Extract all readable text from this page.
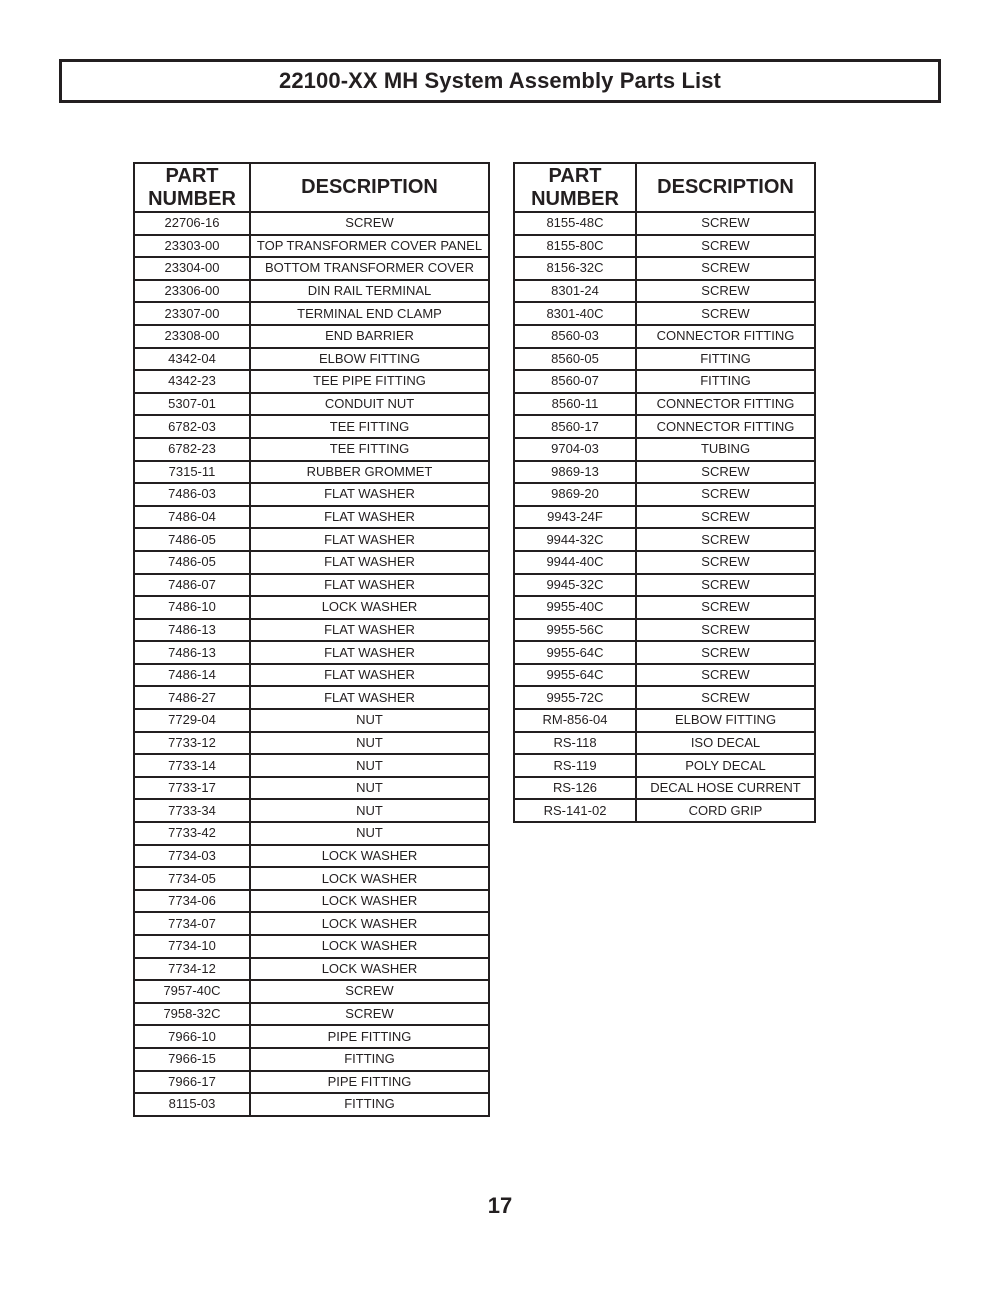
22100-XX MH System Assembly Parts List
PART
NUMBER	DESCRIPTION
22706-16	SCREW
23303-00	TOP TRANSFORMER COVER PANEL
23304-00	BOTTOM TRANSFORMER COVER
23306-00	DIN RAIL TERMINAL
23307-00	TERMINAL END CLAMP
23308-00	END BARRIER
4342-04	ELBOW FITTING
4342-23	TEE PIPE FITTING
5307-01	CONDUIT NUT
6782-03	TEE FITTING
6782-23	TEE FITTING
7315-11	RUBBER GROMMET
7486-03	FLAT WASHER
7486-04	FLAT WASHER
7486-05	FLAT WASHER
7486-05	FLAT WASHER
7486-07	FLAT WASHER
7486-10	LOCK WASHER
7486-13	FLAT WASHER
7486-13	FLAT WASHER
7486-14	FLAT WASHER
7486-27	FLAT WASHER
7729-04	NUT
7733-12	NUT
7733-14	NUT
7733-17	NUT
7733-34	NUT
7733-42	NUT
7734-03	LOCK WASHER
7734-05	LOCK WASHER
7734-06	LOCK WASHER
7734-07	LOCK WASHER
7734-10	LOCK WASHER
7734-12	LOCK WASHER
7957-40C	SCREW
7958-32C	SCREW
7966-10	PIPE FITTING
7966-15	FITTING
7966-17	PIPE FITTING
8115-03	FITTING
PART
NUMBER	DESCRIPTION
8155-48C	SCREW
8155-80C	SCREW
8156-32C	SCREW
8301-24	SCREW
8301-40C	SCREW
8560-03	CONNECTOR FITTING
8560-05	FITTING
8560-07	FITTING
8560-11	CONNECTOR FITTING
8560-17	CONNECTOR FITTING
9704-03	TUBING
9869-13	SCREW
9869-20	SCREW
9943-24F	SCREW
9944-32C	SCREW
9944-40C	SCREW
9945-32C	SCREW
9955-40C	SCREW
9955-56C	SCREW
9955-64C	SCREW
9955-64C	SCREW
9955-72C	SCREW
RM-856-04	ELBOW FITTING
RS-118	ISO DECAL
RS-119	POLY DECAL
RS-126	DECAL HOSE CURRENT
RS-141-02	CORD GRIP
17
